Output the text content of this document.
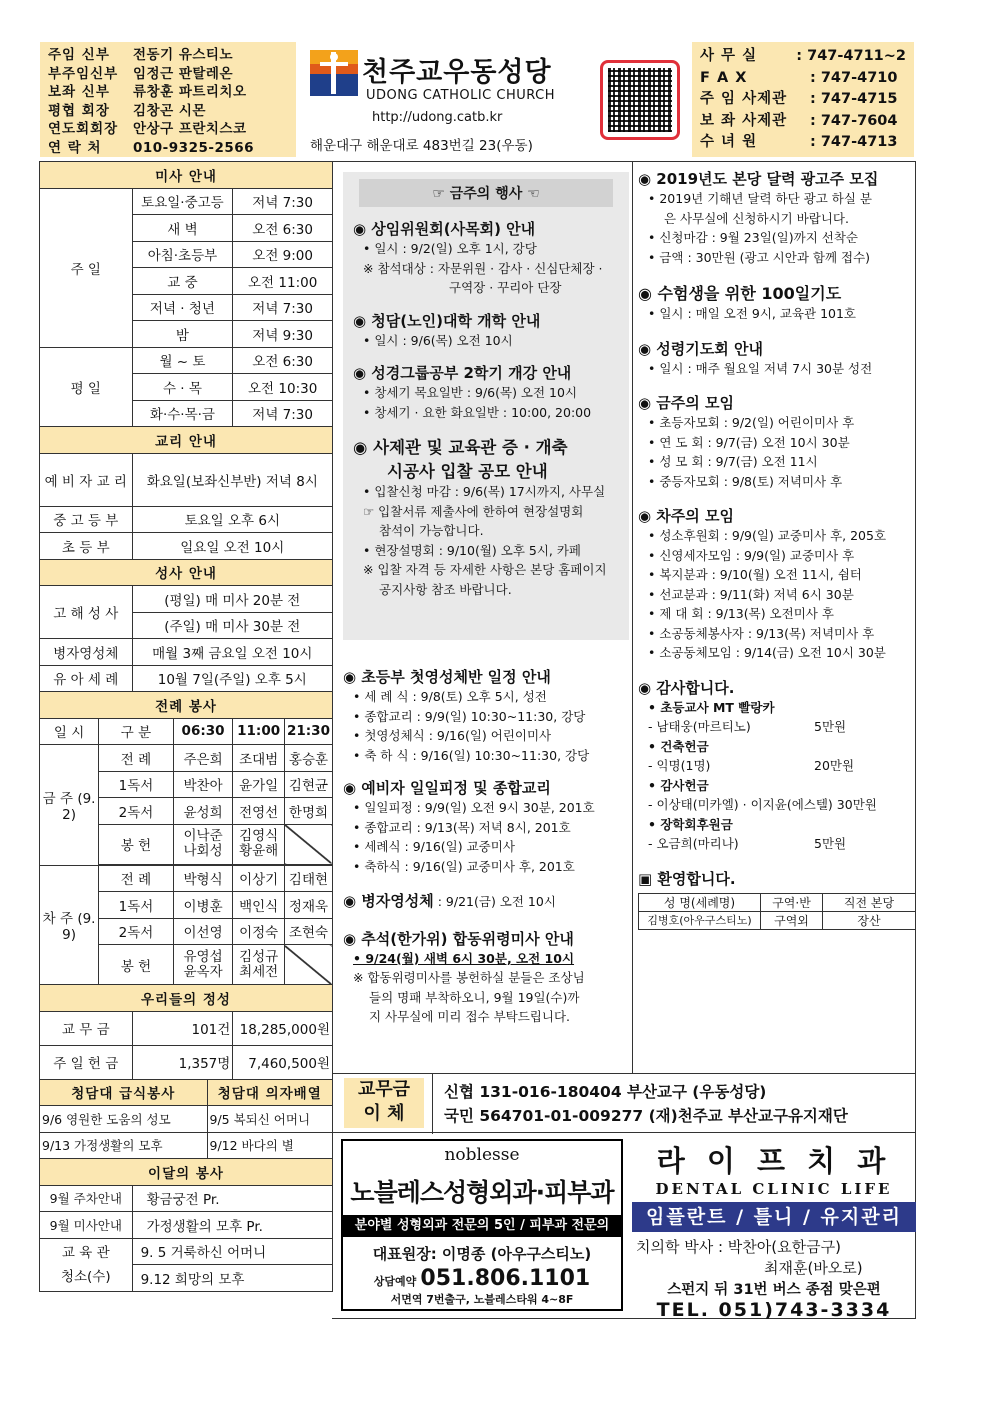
주임 신부	전동기 유스티노
부주임신부	임정근 판탈레온
보좌 신부	류창훈 파트리치오
평협 회장	김창곤 시몬
연도회회장	안상구 프란치스코
연 락 처	010-9325-2566
천주교우동성당
UDONG CATHOLIC CHURCH
http://udong.catb.kr
해운대구 해운대로 483번길 23(우동)
사 무 실	: 747-4711~2
F A X	: 747-4710
주 임 사제관	: 747-4715
보 좌 사제관	: 747-7604
수 녀 원	: 747-4713
미사 안내						
주 일		토요일·중고등			저녁 7:30	
		새 벽			오전 6:30	
		아침·초등부			오전 9:00	
		교 중			오전 11:00	
		저녁 · 청년			저녁 7:30	
		밤			저녁 9:30	
평 일		월 ~ 토			오전 6:30	
		수 · 목			오전 10:30	
		화·수·목·금			저녁 7:30	
교리 안내						
예 비 자 교 리		화요일(보좌신부반) 저녁 8시				
중 고 등 부		토요일 오후 6시				
초 등 부		일요일 오전 10시				
성사 안내						
고 해 성 사		(평일) 매 미사 20분 전				
		(주일) 매 미사 30분 전				
병자영성체		매월 3째 금요일 오전 10시				
유 아 세 례		10월 7일(주일) 오후 5시				
전례 봉사						
일 시	구 분		06:30		11:00	21:30
금 주 (9. 2)	전 례		주은희		조대범	홍승훈
	1독서		박찬아		윤가일	김현균
	2독서		윤성희		전영선	한명희
	봉 헌		이낙준 나회성		김영식 황윤해	

차 주 (9. 9)	전 례		박형식		이상기	김태현
	1독서		이병훈		백인식	정재욱
	2독서		이선영		이정숙	조현숙
	봉 헌		유영섭 윤옥자		김성규 최세전	
우리들의 정성						
교 무 금		101건			18,285,000원	
주 일 헌 금		1,357명			7,460,500원	
청담대 급식봉사				청담대 의자배열		
9/6 영원한 도움의 성모				9/5 복되신 어머니		
9/13 가정생활의 모후				9/12 바다의 별		
이달의 봉사						
9월 주차안내		황금궁전 Pr.				
9월 미사안내		가정생활의 모후 Pr.				
교 육 관
청소(수)		9. 5 거룩하신 어머니				
		9.12 희망의 모후				
☞ 금주의 행사 ☜
◉ 상임위원회(사목회) 안내
• 일시 : 9/2(일) 오후 1시, 강당
※ 참석대상 : 자문위원 · 감사 · 신심단체장 ·
구역장 · 꾸리아 단장
◉ 청담(노인)대학 개학 안내
• 일시 : 9/6(목) 오전 10시
◉ 성경그룹공부 2학기 개강 안내
• 창세기 목요일반 : 9/6(목) 오전 10시
• 창세기 · 요한 화요일반 : 10:00, 20:00
◉ 사제관 및 교육관 증 · 개축
시공사 입찰 공모 안내
• 입찰신청 마감 : 9/6(목) 17시까지, 사무실
☞ 입찰서류 제출사에 한하여 현장설명회
참석이 가능합니다.
• 현장설명회 : 9/10(월) 오후 5시, 카페
※ 입찰 자격 등 자세한 사항은 본당 홈페이지
공지사항 참조 바랍니다.
◉ 초등부 첫영성체반 일정 안내
• 세 례 식 : 9/8(토) 오후 5시, 성전
• 종합교리 : 9/9(일) 10:30~11:30, 강당
• 첫영성체식 : 9/16(일) 어린이미사
• 축 하 식 : 9/16(일) 10:30~11:30, 강당
◉ 예비자 일일피정 및 종합교리
• 일일피정 : 9/9(일) 오전 9시 30분, 201호
• 종합교리 : 9/13(목) 저녁 8시, 201호
• 세례식 : 9/16(일) 교중미사
• 축하식 : 9/16(일) 교중미사 후, 201호
◉ 병자영성체 : 9/21(금) 오전 10시
◉ 추석(한가위) 합동위령미사 안내
• 9/24(월) 새벽 6시 30분, 오전 10시
※ 합동위령미사를 봉헌하실 분들은 조상님
들의 명패 부착하오니, 9월 19일(수)까
지 사무실에 미리 접수 부탁드립니다.
◉ 2019년도 본당 달력 광고주 모집
• 2019년 기해년 달력 하단 광고 하실 분
은 사무실에 신청하시기 바랍니다.
• 신청마감 : 9월 23일(일)까지 선착순
• 금액 : 30만원 (광고 시안과 함께 접수)
◉ 수험생을 위한 100일기도
• 일시 : 매일 오전 9시, 교육관 101호
◉ 성령기도회 안내
• 일시 : 매주 월요일 저녁 7시 30분 성전
◉ 금주의 모임
• 초등자모회 : 9/2(일) 어린이미사 후
• 연 도 회 : 9/7(금) 오전 10시 30분
• 성 모 회 : 9/7(금) 오전 11시
• 중등자모회 : 9/8(토) 저녁미사 후
◉ 차주의 모임
• 성소후원회 : 9/9(일) 교중미사 후, 205호
• 신영세자모임 : 9/9(일) 교중미사 후
• 복지분과 : 9/10(월) 오전 11시, 쉼터
• 선교분과 : 9/11(화) 저녁 6시 30분
• 제 대 회 : 9/13(목) 오전미사 후
• 소공동체봉사자 : 9/13(목) 저녁미사 후
• 소공동체모임 : 9/14(금) 오전 10시 30분
◉ 감사합니다.
• 초등교사 MT 빨랑카
- 남태웅(마르티노)	5만원
• 건축헌금
- 익명(1명)	20만원
• 감사헌금
- 이상태(미카엘) · 이지윤(에스텔) 30만원
• 장학회후원금
- 오금희(마리나)	5만원
▣ 환영합니다.
성 명(세례명)	구역·반	직전 본당
김병호(아우구스티노)	구역외	장산
교무금
이 체
신협 131-016-180404 부산교구 (우동성당)
국민 564701-01-009277 (재)천주교 부산교구유지재단
noblesse
노블레스성형외과·피부과
분야별 성형외과 전문의 5인 / 피부과 전문의
대표원장: 이명종 (아우구스티노)
상담예약 051.806.1101
서면역 7번출구, 노블레스타워 4~8F
라 이 프 치 과
DENTAL CLINIC LIFE
임플란트 / 틀니 / 유지관리
치의학 박사 : 박찬아(요한금구)
최재훈(바오로)
스펀지 뒤 31번 버스 종점 맞은편
TEL. 051)743-3334
